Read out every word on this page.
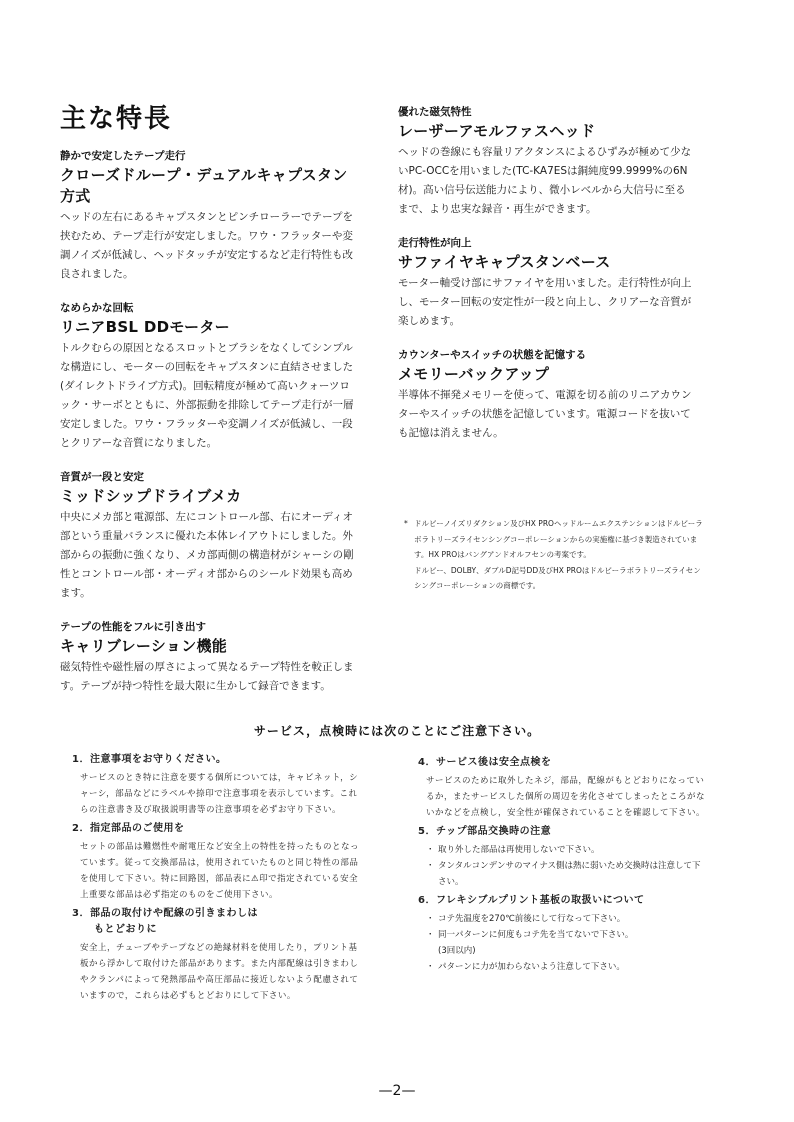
主な特長

静かで安定したテープ走行

クローズドループ・デュアルキャプスタン方式

ヘッドの左右にあるキャプスタンとピンチローラーでテープを挟むため、テープ走行が安定しました。ワウ・フラッターや変調ノイズが低減し、ヘッドタッチが安定するなど走行特性も改良されました。

なめらかな回転

リニアBSL DDモーター

トルクむらの原因となるスロットとブラシをなくしてシンプルな構造にし、モーターの回転をキャプスタンに直結させました(ダイレクトドライブ方式)。回転精度が極めて高いクォーツロック・サーボとともに、外部振動を排除してテープ走行が一層安定しました。ワウ・フラッターや変調ノイズが低減し、一段とクリアーな音質になりました。

音質が一段と安定

ミッドシップドライブメカ

中央にメカ部と電源部、左にコントロール部、右にオーディオ部という重量バランスに優れた本体レイアウトにしました。外部からの振動に強くなり、メカ部両側の構造材がシャーシの剛性とコントロール部・オーディオ部からのシールド効果も高めます。

テープの性能をフルに引き出す

キャリブレーション機能

磁気特性や磁性層の厚さによって異なるテープ特性を較正します。テープが持つ特性を最大限に生かして録音できます。

優れた磁気特性

レーザーアモルファスヘッド

ヘッドの巻線にも容量リアクタンスによるひずみが極めて少ないPC-OCCを用いました(TC-KA7ESは銅純度99.9999%の6N材)。高い信号伝送能力により、微小レベルから大信号に至るまで、より忠実な録音・再生ができます。

走行特性が向上

サファイヤキャプスタンベース

モーター軸受け部にサファイヤを用いました。走行特性が向上し、モーター回転の安定性が一段と向上し、クリアーな音質が楽しめます。

カウンターやスイッチの状態を記憶する

メモリーバックアップ

半導体不揮発メモリーを使って、電源を切る前のリニアカウンターやスイッチの状態を記憶しています。電源コードを抜いても記憶は消えません。

* ドルビーノイズリダクション及びHX PROヘッドルームエクステンションはドルビーラボラトリーズライセンシングコーポレーションからの実施権に基づき製造されています。HX PROはバングアンドオルフセンの考案です。

ドルビー、DOLBY、ダブルD記号DD及びHX PROはドルビーラボラトリーズライセンシングコーポレーションの商標です。

サービス，点検時には次のことにご注意下さい。

1．注意事項をお守りください。

サービスのとき特に注意を要する個所については，キャビネット，シャーシ，部品などにラベルや捺印で注意事項を表示しています。これらの注意書き及び取扱説明書等の注意事項を必ずお守り下さい。

2．指定部品のご使用を

セットの部品は難燃性や耐電圧など安全上の特性を持ったものとなっています。従って交換部品は，使用されていたものと同じ特性の部品を使用して下さい。特に回路図，部品表に⚠印で指定されている安全上重要な部品は必ず指定のものをご使用下さい。

3．部品の取付けや配線の引きまわしは
もとどおりに

安全上，チューブやテープなどの絶縁材料を使用したり，プリント基板から浮かして取付けた部品があります。また内部配線は引きまわしやクランパによって発熱部品や高圧部品に接近しないよう配慮されていますので，これらは必ずもとどおりにして下さい。

4．サービス後は安全点検を

サービスのために取外したネジ，部品，配線がもとどおりになっているか，またサービスした個所の周辺を劣化させてしまったところがないかなどを点検し，安全性が確保されていることを確認して下さい。

5．チップ部品交換時の注意

・ 取り外した部品は再使用しないで下さい。
・ タンタルコンデンサのマイナス側は熱に弱いため交換時は注意して下さい。

6．フレキシブルプリント基板の取扱いについて

・ コテ先温度を270℃前後にして行なって下さい。
・ 同一パターンに何度もコテ先を当てないで下さい。
(3回以内)
・ パターンに力が加わらないよう注意して下さい。

—2—
